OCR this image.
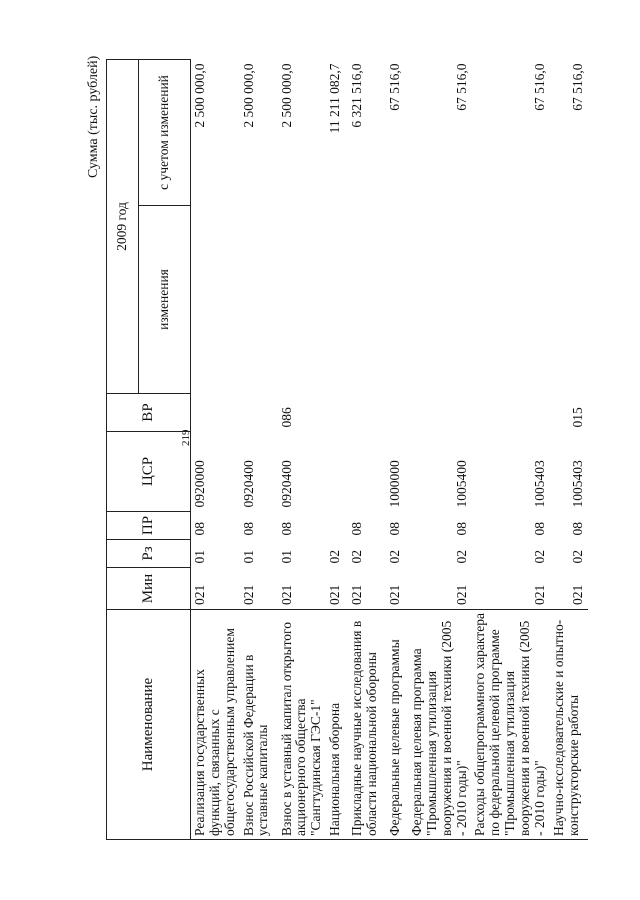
219
Сумма (тыс. рублей)
Наименование	Мин	Рз	ПР	ЦСР	ВР	2009 год	
						изменения	с учетом изменений
Реализация государственных функций, связанных с общегосударственным управлением	021	01	08	0920000			2 500 000,0
Взнос Российской Федерации в уставные капиталы	021	01	08	0920400			2 500 000,0
Взнос в уставный капитал открытого акционерного общества "Сангтудинская ГЭС-1"	021	01	08	0920400	086		2 500 000,0
Национальная оборона	021	02					11 211 082,7
Прикладные научные исследования в области национальной обороны	021	02	08				6 321 516,0
Федеральные целевые программы	021	02	08	1000000			67 516,0
Федеральная целевая программа "Промышленная утилизация вооружения и военной техники (2005 - 2010 годы)"	021	02	08	1005400			67 516,0
Расходы общепрограммного характера по федеральной целевой программе "Промышленная утилизация вооружения и военной техники (2005 - 2010 годы)"	021	02	08	1005403			67 516,0
Научно-исследовательские и опытно-конструкторские работы	021	02	08	1005403	015		67 516,0
